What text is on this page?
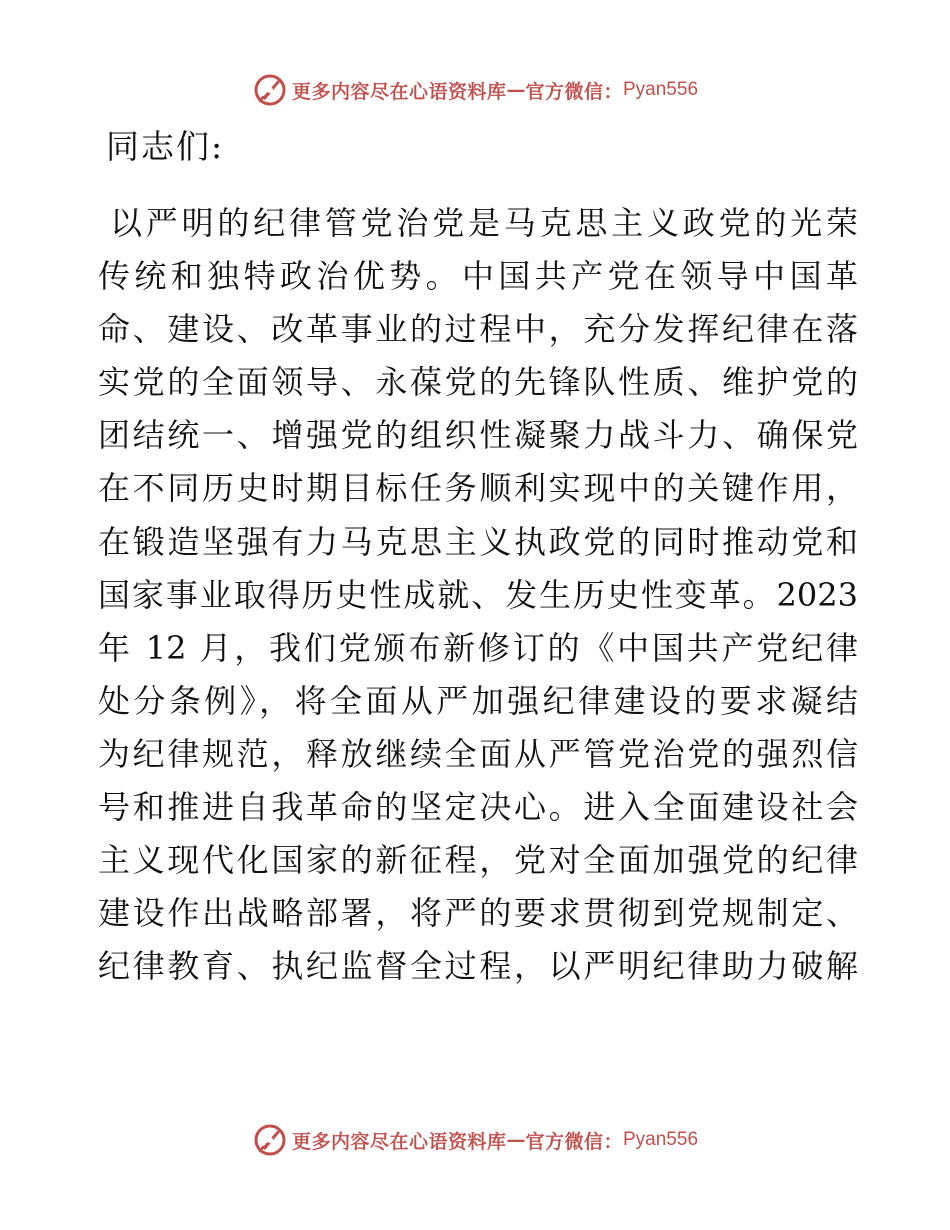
更多内容尽在心语资料库 — 官方微信： Pyan556
同志们:
以严明的纪律管党治党是马克思主义政党的光荣
传统和独特政治优势。中国共产党在领导中国革
命、建设、改革事业的过程中，充分发挥纪律在落
实党的全面领导、永葆党的先锋队性质、维护党的
团结统一、增强党的组织性凝聚力战斗力、确保党
在不同历史时期目标任务顺利实现中的关键作用，
在锻造坚强有力马克思主义执政党的同时推动党和
国家事业取得历史性成就、发生历史性变革。2023
年 12 月，我们党颁布新修订的《中国共产党纪律
处分条例》，将全面从严加强纪律建设的要求凝结
为纪律规范，释放继续全面从严管党治党的强烈信
号和推进自我革命的坚定决心。进入全面建设社会
主义现代化国家的新征程，党对全面加强党的纪律
建设作出战略部署，将严的要求贯彻到党规制定、
纪律教育、执纪监督全过程，以严明纪律助力破解
更多内容尽在心语资料库 — 官方微信： Pyan556
